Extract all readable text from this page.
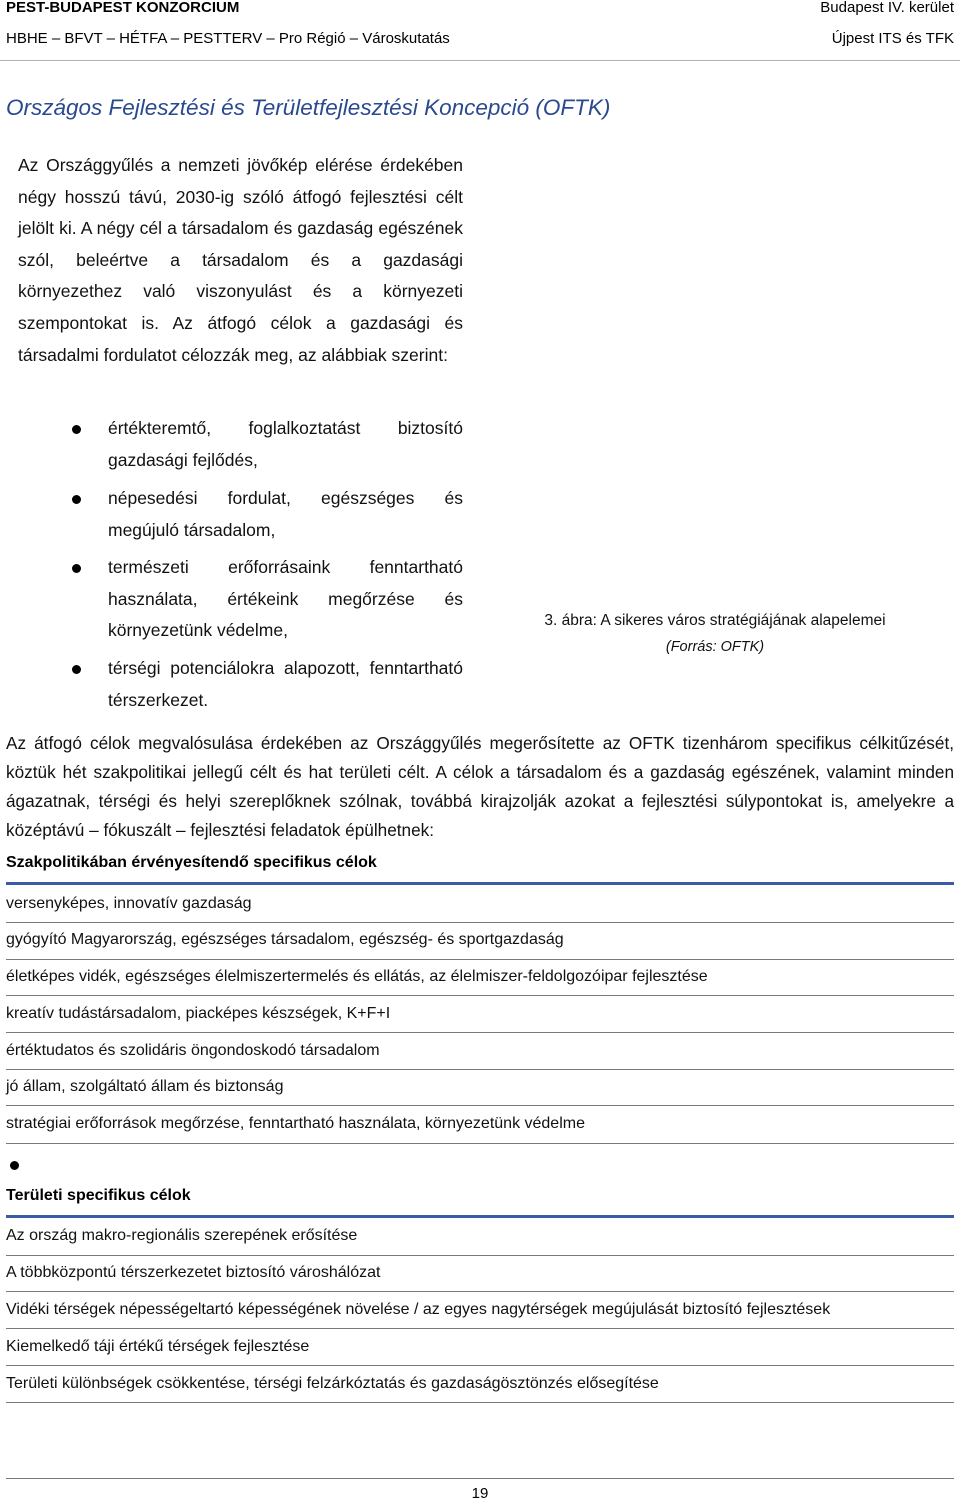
PEST-BUDAPEST KONZORCIUM	Budapest IV. kerület
HBHE – BFVT – HÉTFA – PESTTERV – Pro Régió – Városkutatás	Újpest ITS és TFK
Országos Fejlesztési és Területfejlesztési Koncepció (OFTK)
Az Országgyűlés a nemzeti jövőkép elérése érdekében négy hosszú távú, 2030-ig szóló átfogó fejlesztési célt jelölt ki. A négy cél a társadalom és gazdaság egészének szól, beleértve a társadalom és a gazdasági környezethez való viszonyulást és a környezeti szempontokat is. Az átfogó célok a gazdasági és társadalmi fordulatot célozzák meg, az alábbiak szerint:
értékteremtő, foglalkoztatást biztosító gazdasági fejlődés,
népesedési fordulat, egészséges és megújuló társadalom,
természeti erőforrásaink fenntartható használata, értékeink megőrzése és környezetünk védelme,
térségi potenciálokra alapozott, fenntartható térszerkezet.
3. ábra: A sikeres város stratégiájának alapelemei
(Forrás: OFTK)
Az átfogó célok megvalósulása érdekében az Országgyűlés megerősítette az OFTK tizenhárom specifikus célkitűzését, köztük hét szakpolitikai jellegű célt és hat területi célt. A célok a társadalom és a gazdaság egészének, valamint minden ágazatnak, térségi és helyi szereplőknek szólnak, továbbá kirajzolják azokat a fejlesztési súlypontokat is, amelyekre a középtávú – fókuszált – fejlesztési feladatok épülhetnek:
Szakpolitikában érvényesítendő specifikus célok
versenyképes, innovatív gazdaság
gyógyító Magyarország, egészséges társadalom, egészség- és sportgazdaság
életképes vidék, egészséges élelmiszertermelés és ellátás, az élelmiszer-feldolgozóipar fejlesztése
kreatív tudástársadalom, piacképes készségek, K+F+I
értéktudatos és szolidáris öngondoskodó társadalom
jó állam, szolgáltató állam és biztonság
stratégiai erőforrások megőrzése, fenntartható használata, környezetünk védelme
Területi specifikus célok
Az ország makro-regionális szerepének erősítése
A többközpontú térszerkezetet biztosító városhálózat
Vidéki térségek népességeltartó képességének növelése / az egyes nagytérségek megújulását biztosító fejlesztések
Kiemelkedő táji értékű térségek fejlesztése
Területi különbségek csökkentése, térségi felzárkóztatás és gazdaságösztönzés elősegítése
19
